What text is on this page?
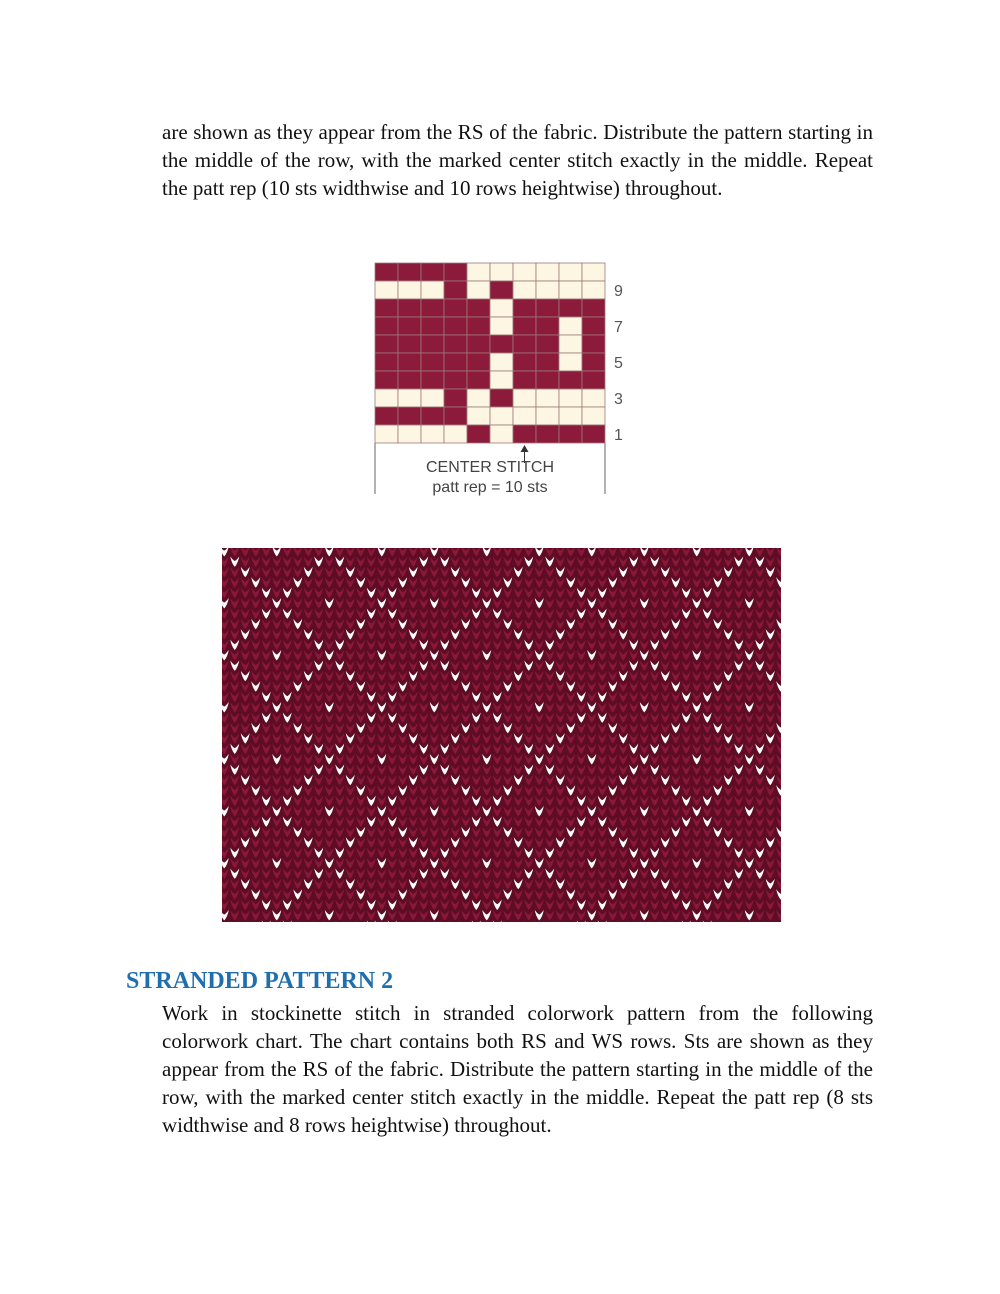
are shown as they appear from the RS of the fabric. Distribute the pattern starting in the middle of the row, with the marked center stitch exactly in the middle. Repeat the patt rep (10 sts widthwise and 10 rows heightwise) throughout.

9
7
5
3
1
CENTER STITCH
patt rep = 10 sts
STRANDED PATTERN 2

Work in stockinette stitch in stranded colorwork pattern from the following colorwork chart. The chart contains both RS and WS rows. Sts are shown as they appear from the RS of the fabric. Distribute the pattern starting in the middle of the row, with the marked center stitch exactly in the middle. Repeat the patt rep (8 sts widthwise and 8 rows heightwise) throughout.
